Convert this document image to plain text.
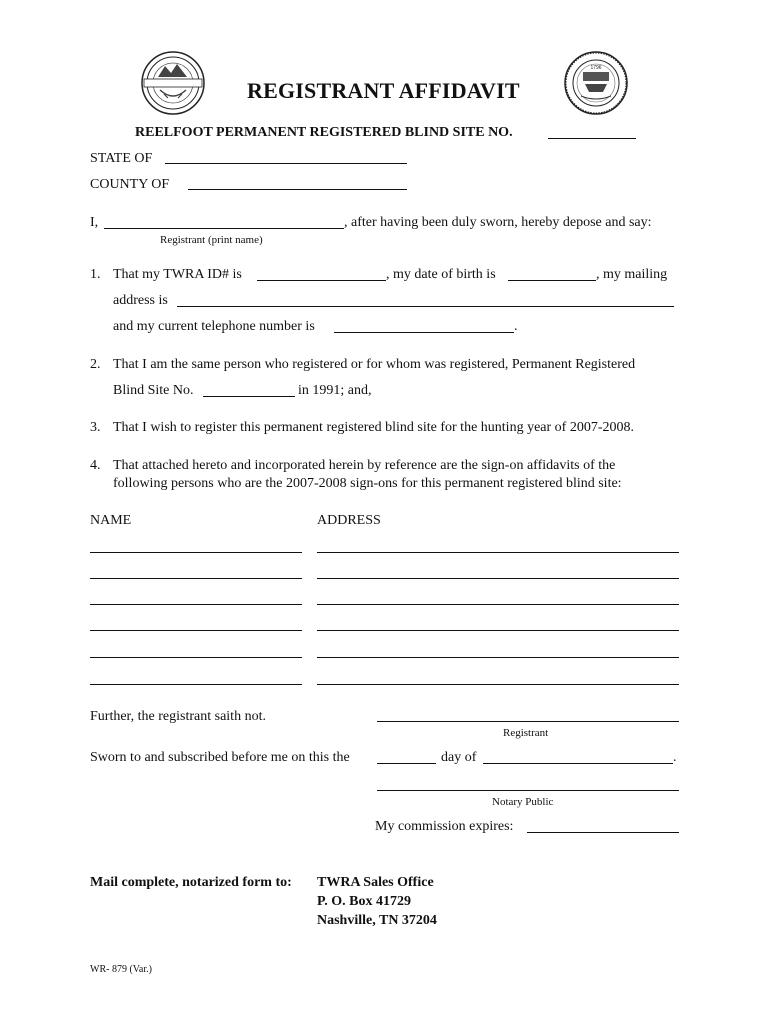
1796
REGISTRANT AFFIDAVIT
REELFOOT PERMANENT REGISTERED BLIND SITE NO.
STATE OF
COUNTY OF
I,	, after having been duly sworn, hereby depose and say:
Registrant (print name)
1. That my TWRA ID# is	, my date of birth is	, my mailing
address is
and my current telephone number is	.
2. That I am the same person who registered or for whom was registered, Permanent Registered
Blind Site No.	in 1991; and,
3. That I wish to register this permanent registered blind site for the hunting year of 2007-2008.
4. That attached hereto and incorporated herein by reference are the sign-on affidavits of the
following persons who are the 2007-2008 sign-ons for this permanent registered blind site:
NAME	ADDRESS
Further, the registrant saith not.
Registrant
Sworn to and subscribed before me on this the	day of	.
Notary Public
My commission expires:
Mail complete, notarized form to: TWRA Sales Office
P. O. Box 41729
Nashville, TN 37204
WR- 879 (Var.)
